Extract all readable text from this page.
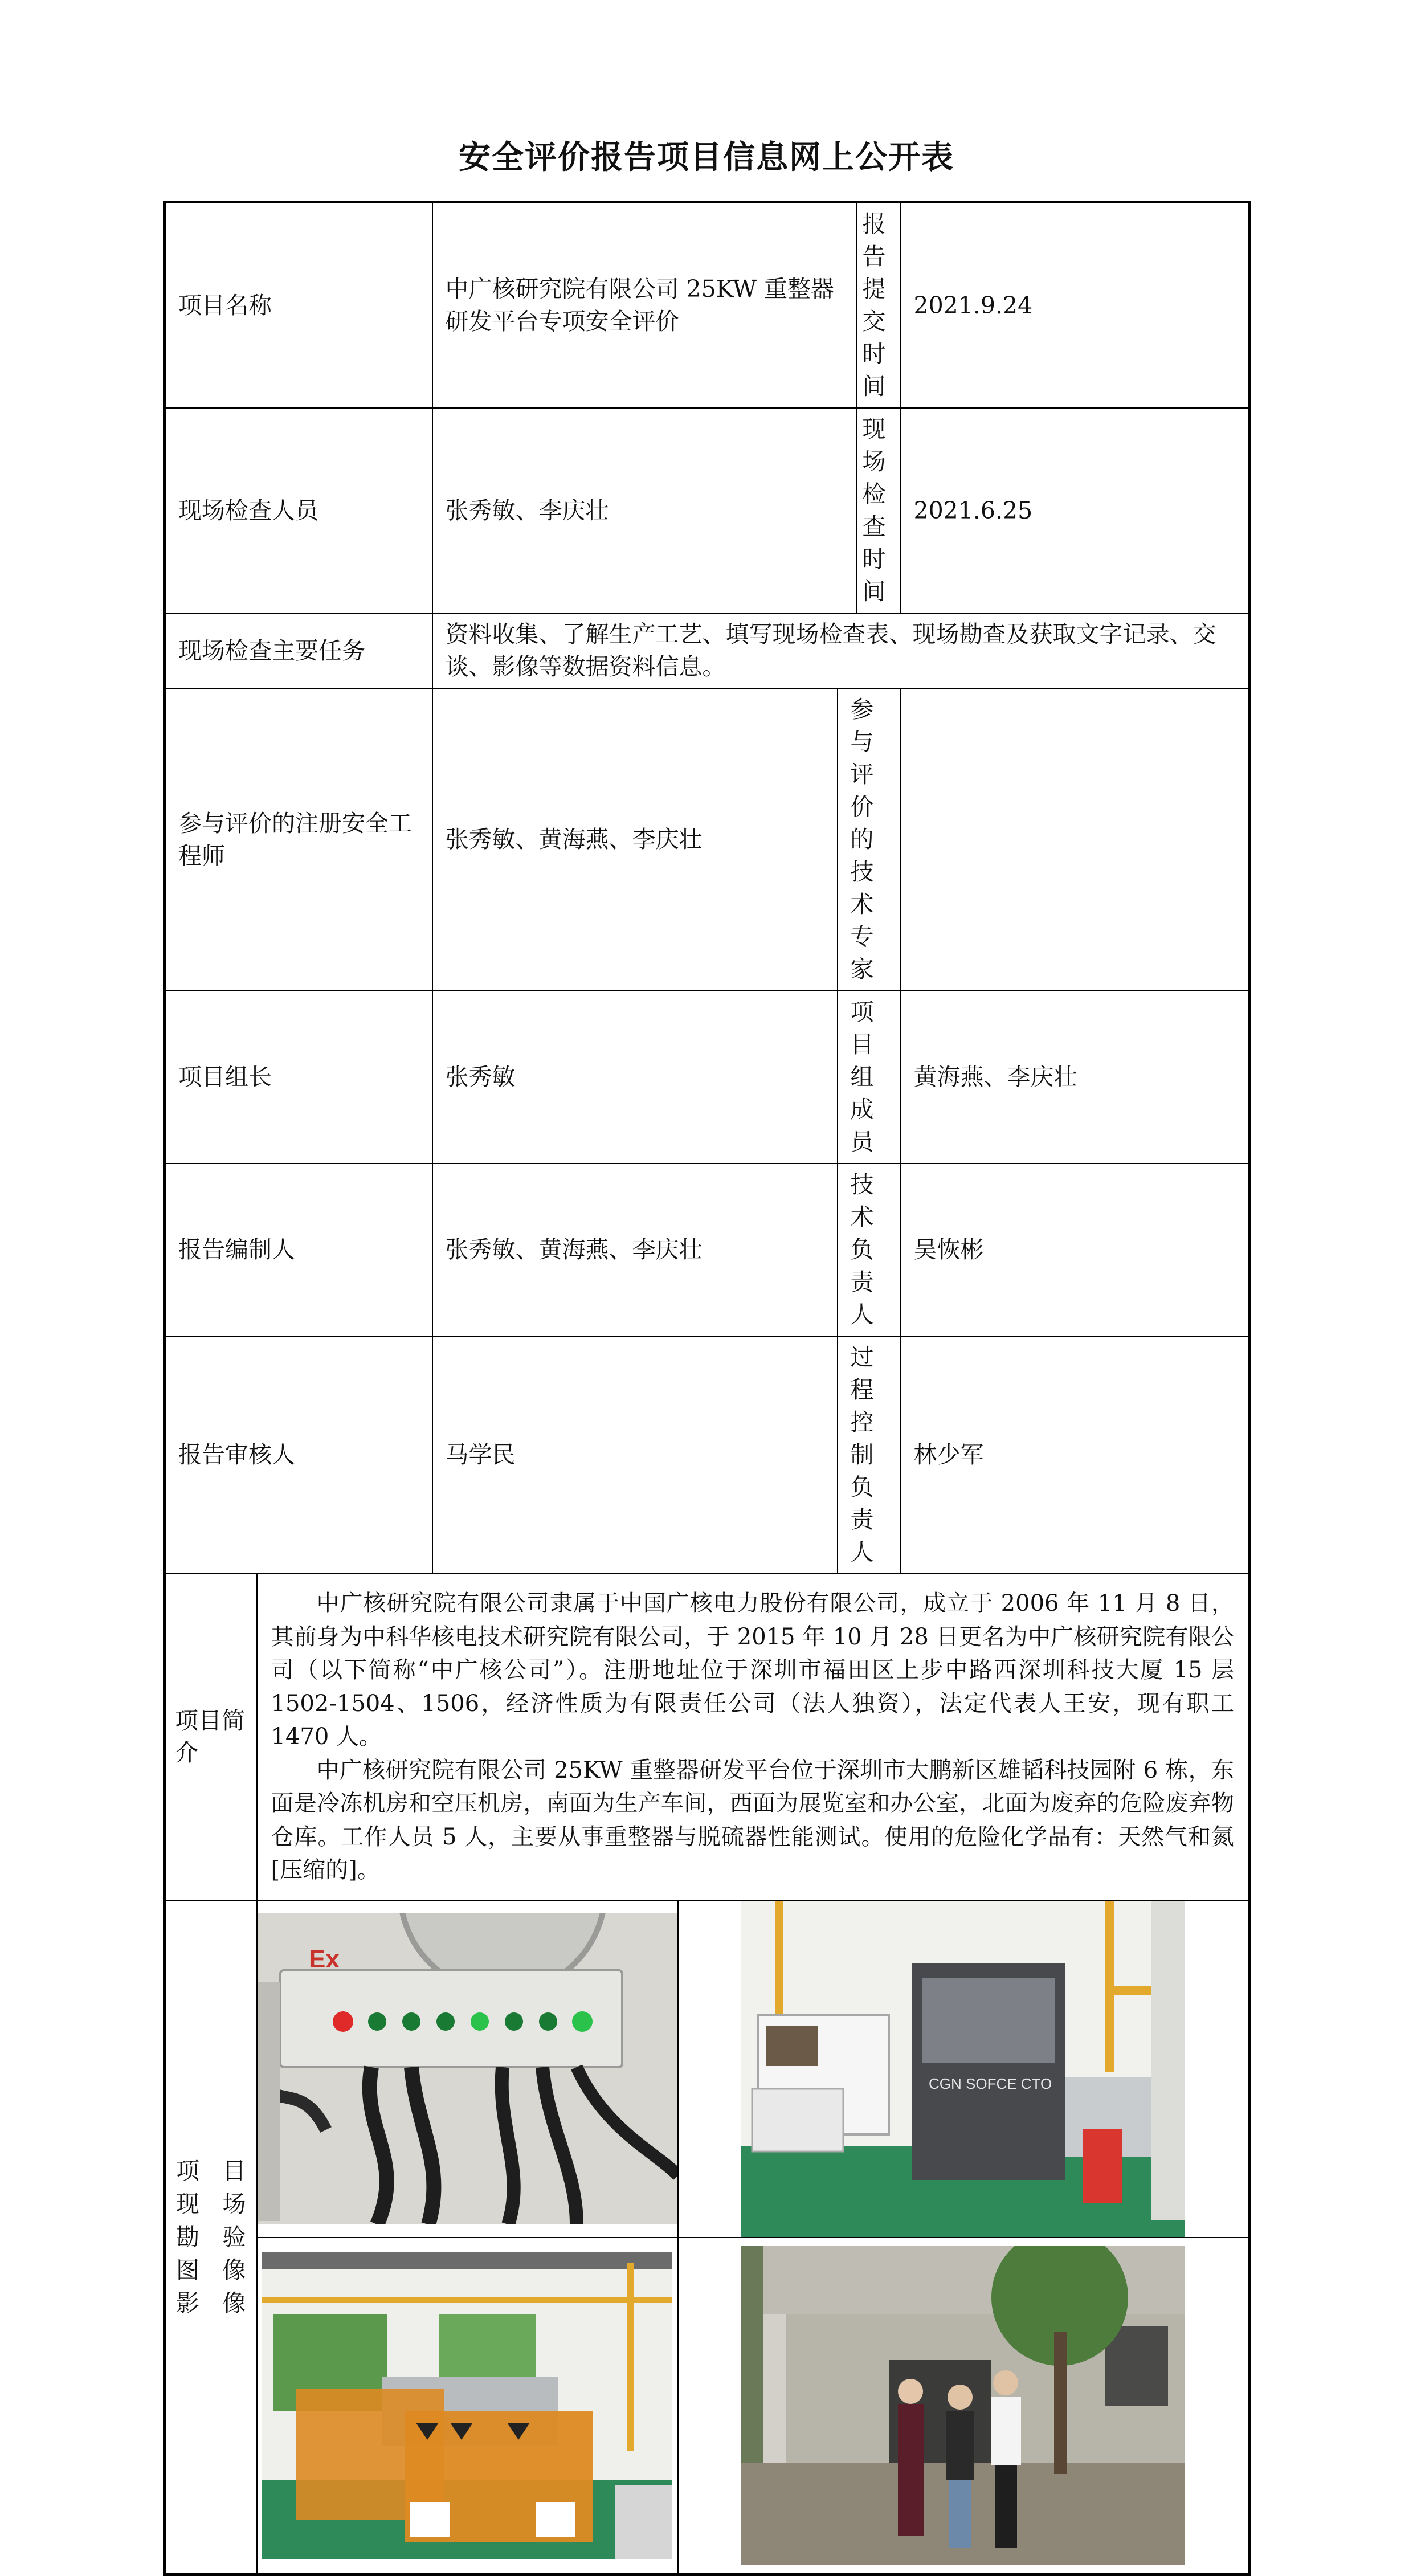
安全评价报告项目信息网上公开表
项目名称		中广核研究院有限公司 25KW 重整器研发平台专项安全评价			报告提交时间	2021.9.24
现场检查人员		张秀敏、李庆壮			现场检查时间	2021.6.25
现场检查主要任务		资料收集、了解生产工艺、填写现场检查表、现场勘查及获取文字记录、交谈、影像等数据资料信息。				
参与评价的注册安全工程师		张秀敏、黄海燕、李庆壮		参与评价的技术专家		
项目组长		张秀敏		项目组成员		黄海燕、李庆壮
报告编制人		张秀敏、黄海燕、李庆壮		技术负责人		吴恢彬
报告审核人		马学民		过程控制负责人		林少军
项目简介	中广核研究院有限公司隶属于中国广核电力股份有限公司，成立于 2006 年 11 月 8 日，其前身为中科华核电技术研究院有限公司，于 2015 年 10 月 28 日更名为中广核研究院有限公司（以下简称“中广核公司”）。注册地址位于深圳市福田区上步中路西深圳科技大厦 15 层 1502-1504、1506，经济性质为有限责任公司（法人独资），法定代表人王安，现有职工 1470 人。

中广核研究院有限公司 25KW 重整器研发平台位于深圳市大鹏新区雄韬科技园附 6 栋，东面是冷冻机房和空压机房，南面为生产车间，西面为展览室和办公室，北面为废弃的危险废弃物仓库。工作人员 5 人，主要从事重整器与脱硫器性能测试。使用的危险化学品有：天然气和氮[压缩的]。					

项目现场勘验图像影像	Ex		CGN SOFCE CTO			
